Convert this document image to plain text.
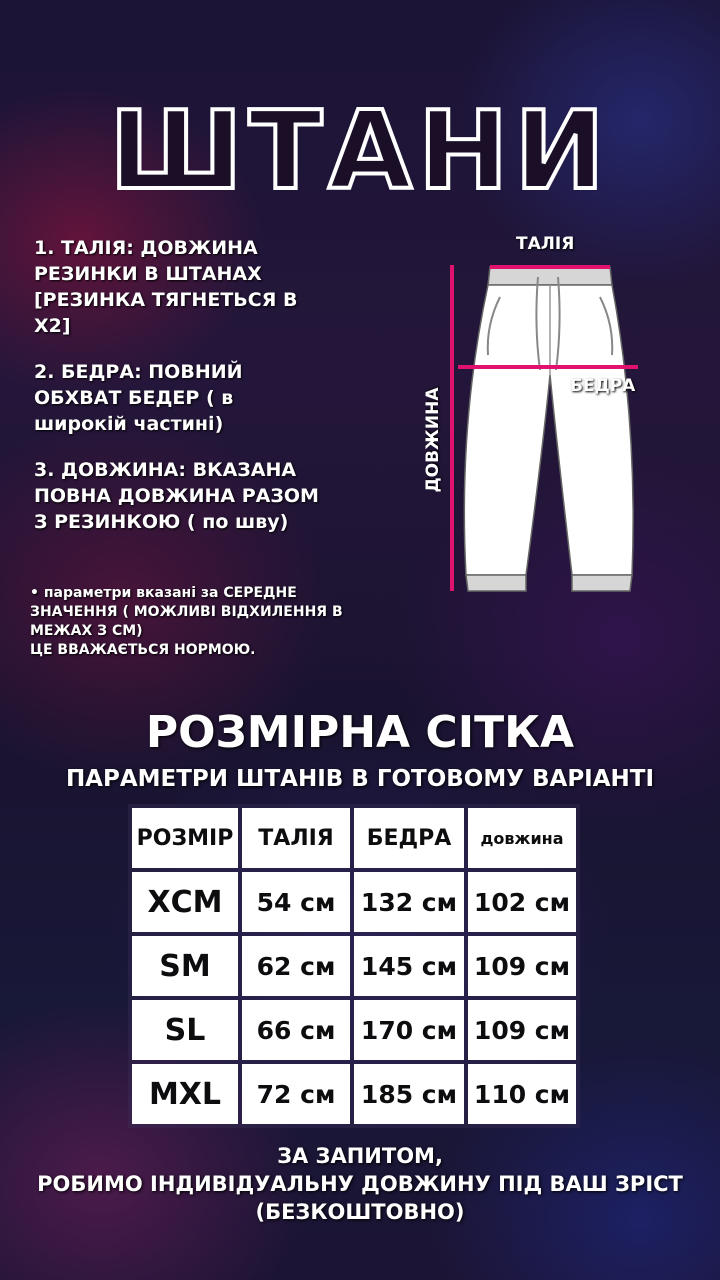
ШТАНИ

1. ТАЛІЯ: ДОВЖИНА

РЕЗИНКИ В ШТАНАХ

[РЕЗИНКА ТЯГНЕТЬСЯ В

Х2]

2. БЕДРА: ПОВНИЙ

ОБХВАТ БЕДЕР ( в

широкій частині)

3. ДОВЖИНА: ВКАЗАНА

ПОВНА ДОВЖИНА РАЗОМ

З РЕЗИНКОЮ ( по шву)

• параметри вказані за СЕРЕДНЕ
ЗНАЧЕННЯ ( МОЖЛИВІ ВІДХИЛЕННЯ В
МЕЖАХ З СМ)
ЦЕ ВВАЖАЄТЬСЯ НОРМОЮ.
ТАЛІЯ
БЕДРА
ДОВЖИНА
РОЗМІРНА СІТКА
ПАРАМЕТРИ ШТАНІВ В ГОТОВОМУ ВАРІАНТІ
РОЗМІР	ТАЛІЯ	БЕДРА	довжина
ХСМ	54 см	132 см	102 см
SM	62 см	145 см	109 см
SL	66 см	170 см	109 см
MXL	72 см	185 см	110 см
ЗА ЗАПИТОМ,
РОБИМО ІНДИВІДУАЛЬНУ ДОВЖИНУ ПІД ВАШ ЗРІСТ
(БЕЗКОШТОВНО)
